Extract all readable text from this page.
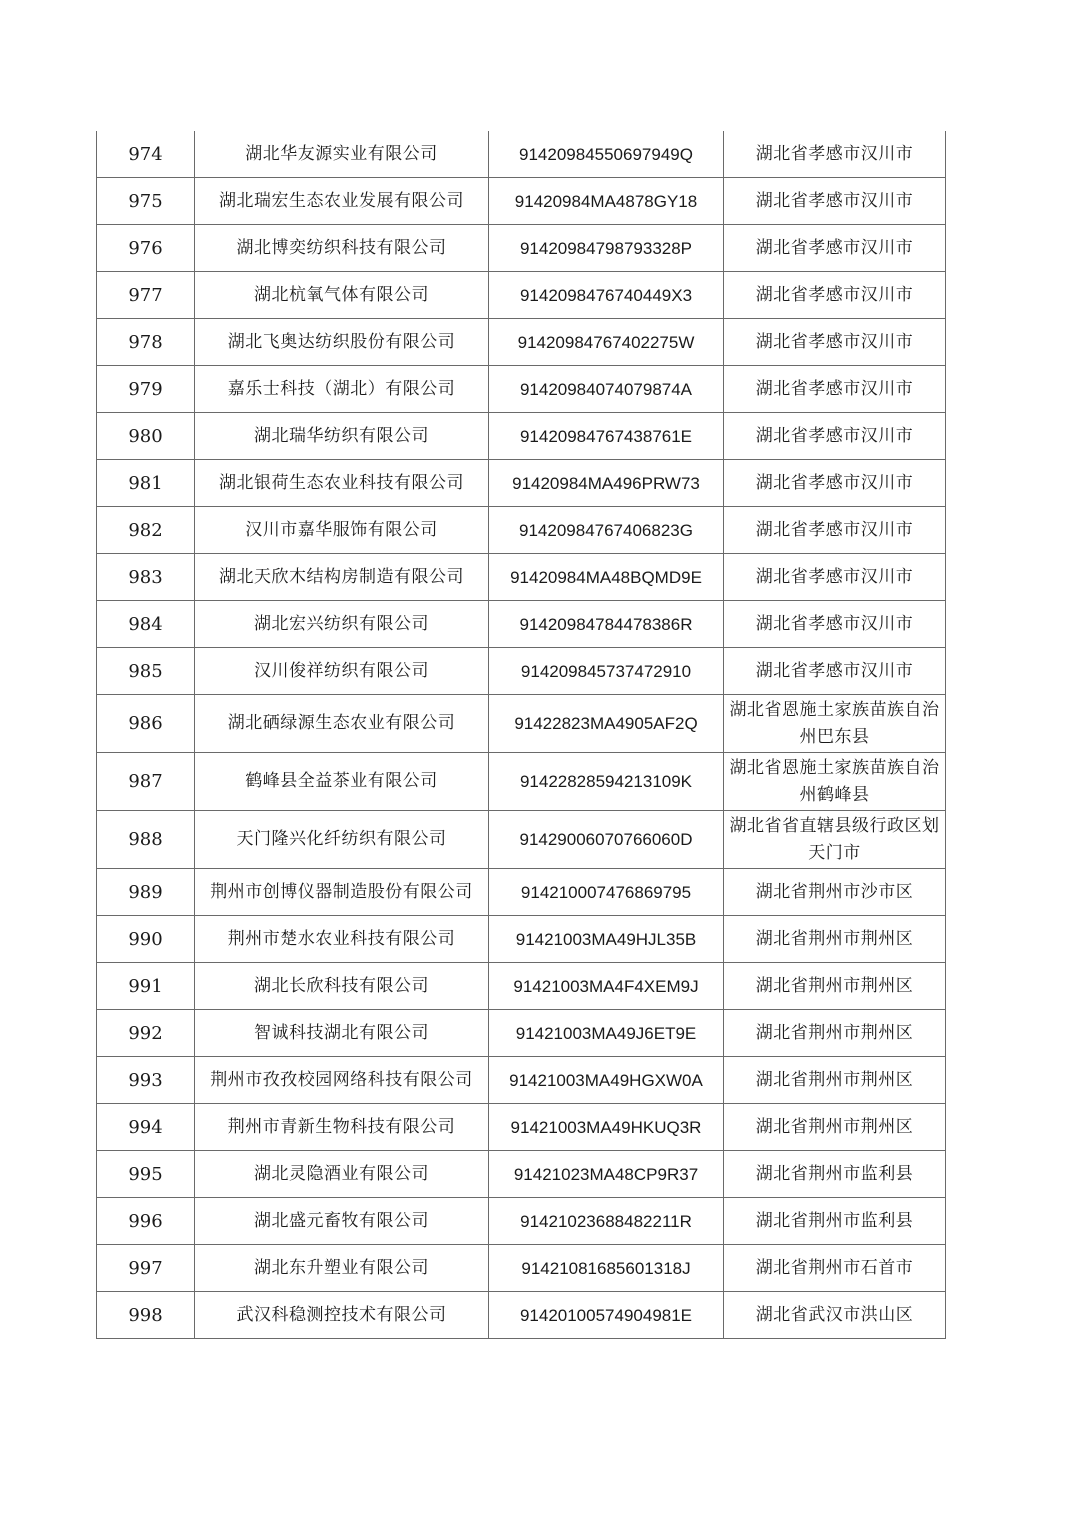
974	湖北华友源实业有限公司	91420984550697949Q	湖北省孝感市汉川市

975	湖北瑞宏生态农业发展有限公司	91420984MA4878GY18	湖北省孝感市汉川市

976	湖北博奕纺织科技有限公司	91420984798793328P	湖北省孝感市汉川市

977	湖北杭氧气体有限公司	9142098476740449X3	湖北省孝感市汉川市

978	湖北飞奥达纺织股份有限公司	91420984767402275W	湖北省孝感市汉川市

979	嘉乐士科技（湖北）有限公司	91420984074079874A	湖北省孝感市汉川市

980	湖北瑞华纺织有限公司	91420984767438761E	湖北省孝感市汉川市

981	湖北银荷生态农业科技有限公司	91420984MA496PRW73	湖北省孝感市汉川市

982	汉川市嘉华服饰有限公司	91420984767406823G	湖北省孝感市汉川市

983	湖北天欣木结构房制造有限公司	91420984MA48BQMD9E	湖北省孝感市汉川市

984	湖北宏兴纺织有限公司	91420984784478386R	湖北省孝感市汉川市

985	汉川俊祥纺织有限公司	914209845737472910	湖北省孝感市汉川市

986	湖北硒绿源生态农业有限公司	91422823MA4905AF2Q	湖北省恩施土家族苗族自治州巴东县

987	鹤峰县全益茶业有限公司	91422828594213109K	湖北省恩施土家族苗族自治州鹤峰县

988	天门隆兴化纤纺织有限公司	91429006070766060D	湖北省省直辖县级行政区划天门市

989	荆州市创博仪器制造股份有限公司	914210007476869795	湖北省荆州市沙市区

990	荆州市楚水农业科技有限公司	91421003MA49HJL35B	湖北省荆州市荆州区

991	湖北长欣科技有限公司	91421003MA4F4XEM9J	湖北省荆州市荆州区

992	智诚科技湖北有限公司	91421003MA49J6ET9E	湖北省荆州市荆州区

993	荆州市孜孜校园网络科技有限公司	91421003MA49HGXW0A	湖北省荆州市荆州区

994	荆州市青新生物科技有限公司	91421003MA49HKUQ3R	湖北省荆州市荆州区

995	湖北灵隐酒业有限公司	91421023MA48CP9R37	湖北省荆州市监利县

996	湖北盛元畜牧有限公司	91421023688482211R	湖北省荆州市监利县

997	湖北东升塑业有限公司	91421081685601318J	湖北省荆州市石首市

998	武汉科稳测控技术有限公司	91420100574904981E	湖北省武汉市洪山区
